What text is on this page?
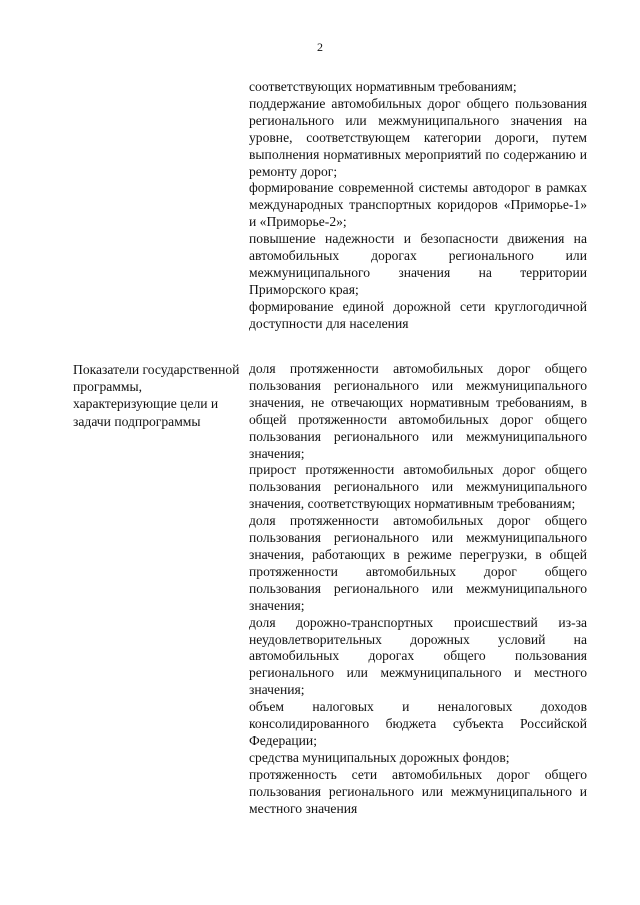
2
соответствующих нормативным требованиям;
поддержание автомобильных дорог общего пользования регионального или межмуниципального значения на уровне, соответствующем категории дороги, путем выполнения нормативных мероприятий по содержанию и ремонту дорог;
формирование современной системы автодорог в рамках международных транспортных коридоров «Приморье-1» и «Приморье-2»;
повышение надежности и безопасности движения на автомобильных дорогах регионального или межмуниципального значения на территории Приморского края;
формирование единой дорожной сети круглогодичной доступности для населения
Показатели государственной программы, характеризующие цели и задачи подпрограммы
доля протяженности автомобильных дорог общего пользования регионального или межмуниципального значения, не отвечающих нормативным требованиям, в общей протяженности автомобильных дорог общего пользования регионального или межмуниципального значения;
прирост протяженности автомобильных дорог общего пользования регионального или межмуниципального значения, соответствующих нормативным требованиям;
доля протяженности автомобильных дорог общего пользования регионального или межмуниципального значения, работающих в режиме перегрузки, в общей протяженности автомобильных дорог общего пользования регионального или межмуниципального значения;
доля дорожно-транспортных происшествий из-за неудовлетворительных дорожных условий на автомобильных дорогах общего пользования регионального или межмуниципального и местного значения;
объем налоговых и неналоговых доходов консолидированного бюджета субъекта Российской Федерации;
средства муниципальных дорожных фондов;
протяженность сети автомобильных дорог общего пользования регионального или межмуниципального и местного значения
